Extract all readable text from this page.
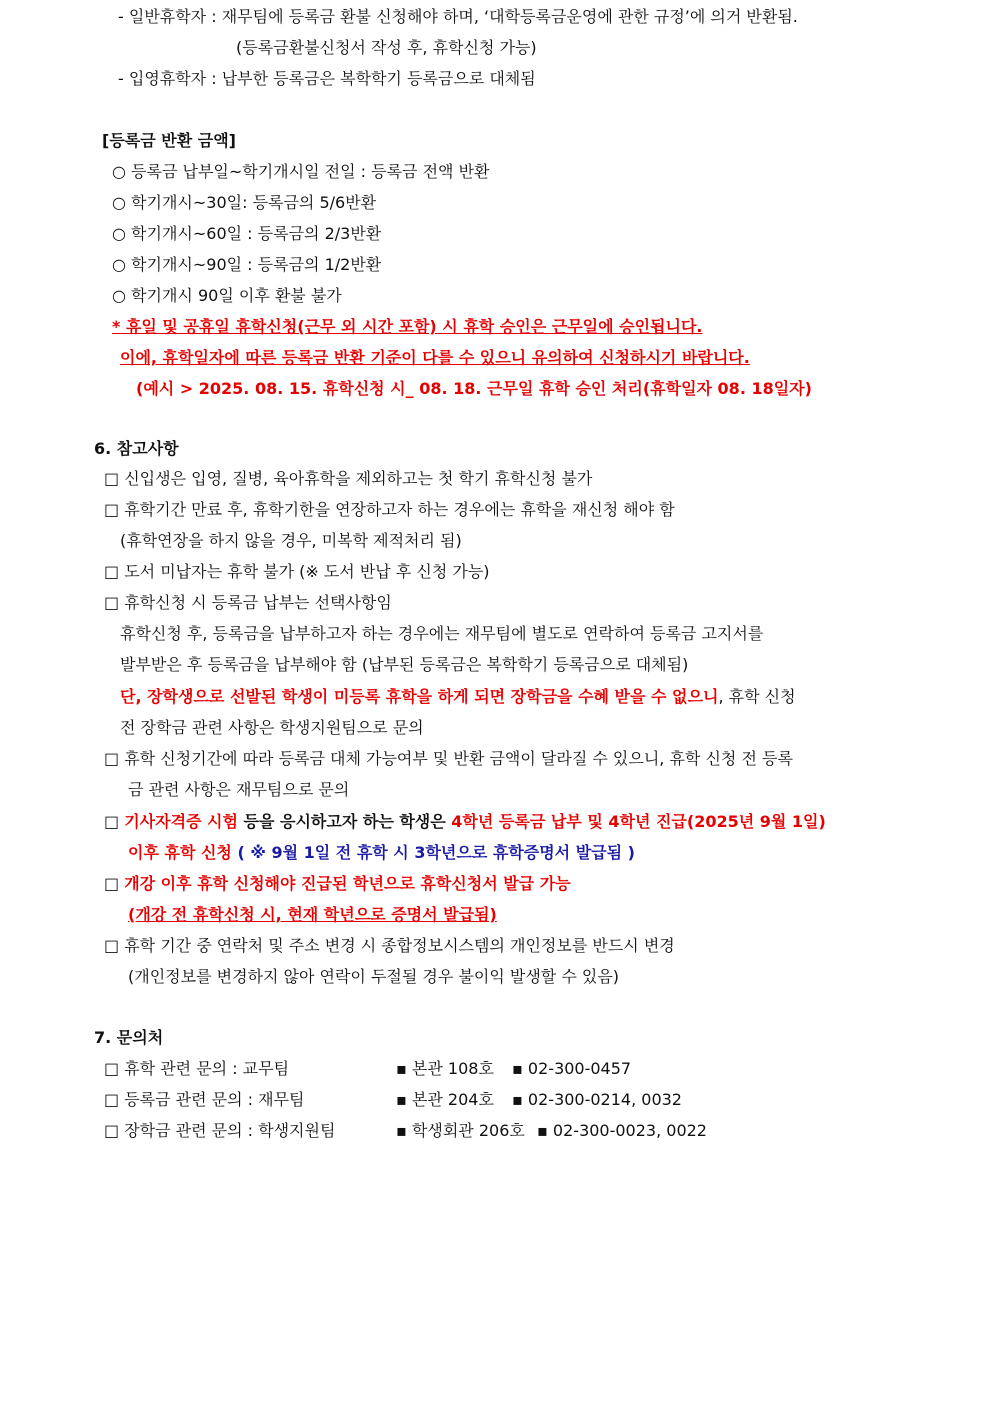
- 일반휴학자 : 재무팀에 등록금 환불 신청해야 하며, ‘대학등록금운영에 관한 규정’에 의거 반환됨.
(등록금환불신청서 작성 후, 휴학신청 가능)
- 입영휴학자 : 납부한 등록금은 복학학기 등록금으로 대체됨
[등록금 반환 금액]
○ 등록금 납부일~학기개시일 전일 : 등록금 전액 반환
○ 학기개시~30일: 등록금의 5/6반환
○ 학기개시~60일 : 등록금의 2/3반환
○ 학기개시~90일 : 등록금의 1/2반환
○ 학기개시 90일 이후 환불 불가
* 휴일 및 공휴일 휴학신청(근무 외 시간 포함) 시 휴학 승인은 근무일에 승인됩니다.
이에, 휴학일자에 따른 등록금 반환 기준이 다를 수 있으니 유의하여 신청하시기 바랍니다.
(예시 > 2025. 08. 15. 휴학신청 시_ 08. 18. 근무일 휴학 승인 처리(휴학일자 08. 18일자)
6. 참고사항
□ 신입생은 입영, 질병, 육아휴학을 제외하고는 첫 학기 휴학신청 불가
□ 휴학기간 만료 후, 휴학기한을 연장하고자 하는 경우에는 휴학을 재신청 해야 함
(휴학연장을 하지 않을 경우, 미복학 제적처리 됨)
□ 도서 미납자는 휴학 불가 (※ 도서 반납 후 신청 가능)
□ 휴학신청 시 등록금 납부는 선택사항임
휴학신청 후, 등록금을 납부하고자 하는 경우에는 재무팀에 별도로 연락하여 등록금 고지서를
발부받은 후 등록금을 납부해야 함 (납부된 등록금은 복학학기 등록금으로 대체됨)
단, 장학생으로 선발된 학생이 미등록 휴학을 하게 되면 장학금을 수혜 받을 수 없으니, 휴학 신청
전 장학금 관련 사항은 학생지원팀으로 문의
□ 휴학 신청기간에 따라 등록금 대체 가능여부 및 반환 금액이 달라질 수 있으니, 휴학 신청 전 등록
금 관련 사항은 재무팀으로 문의
□ 기사자격증 시험 등을 응시하고자 하는 학생은 4학년 등록금 납부 및 4학년 진급(2025년 9월 1일)
이후 휴학 신청 ( ※ 9월 1일 전 휴학 시 3학년으로 휴학증명서 발급됨 )
□ 개강 이후 휴학 신청해야 진급된 학년으로 휴학신청서 발급 가능
(개강 전 휴학신청 시, 현재 학년으로 증명서 발급됨)
□ 휴학 기간 중 연락처 및 주소 변경 시 종합정보시스템의 개인정보를 반드시 변경
(개인정보를 변경하지 않아 연락이 두절될 경우 불이익 발생할 수 있음)
7. 문의처
□ 휴학 관련 문의 : 교무팀	▪ 본관 108호 ▪ 02-300-0457
□ 등록금 관련 문의 : 재무팀	▪ 본관 204호 ▪ 02-300-0214, 0032
□ 장학금 관련 문의 : 학생지원팀	▪ 학생회관 206호 ▪ 02-300-0023, 0022
